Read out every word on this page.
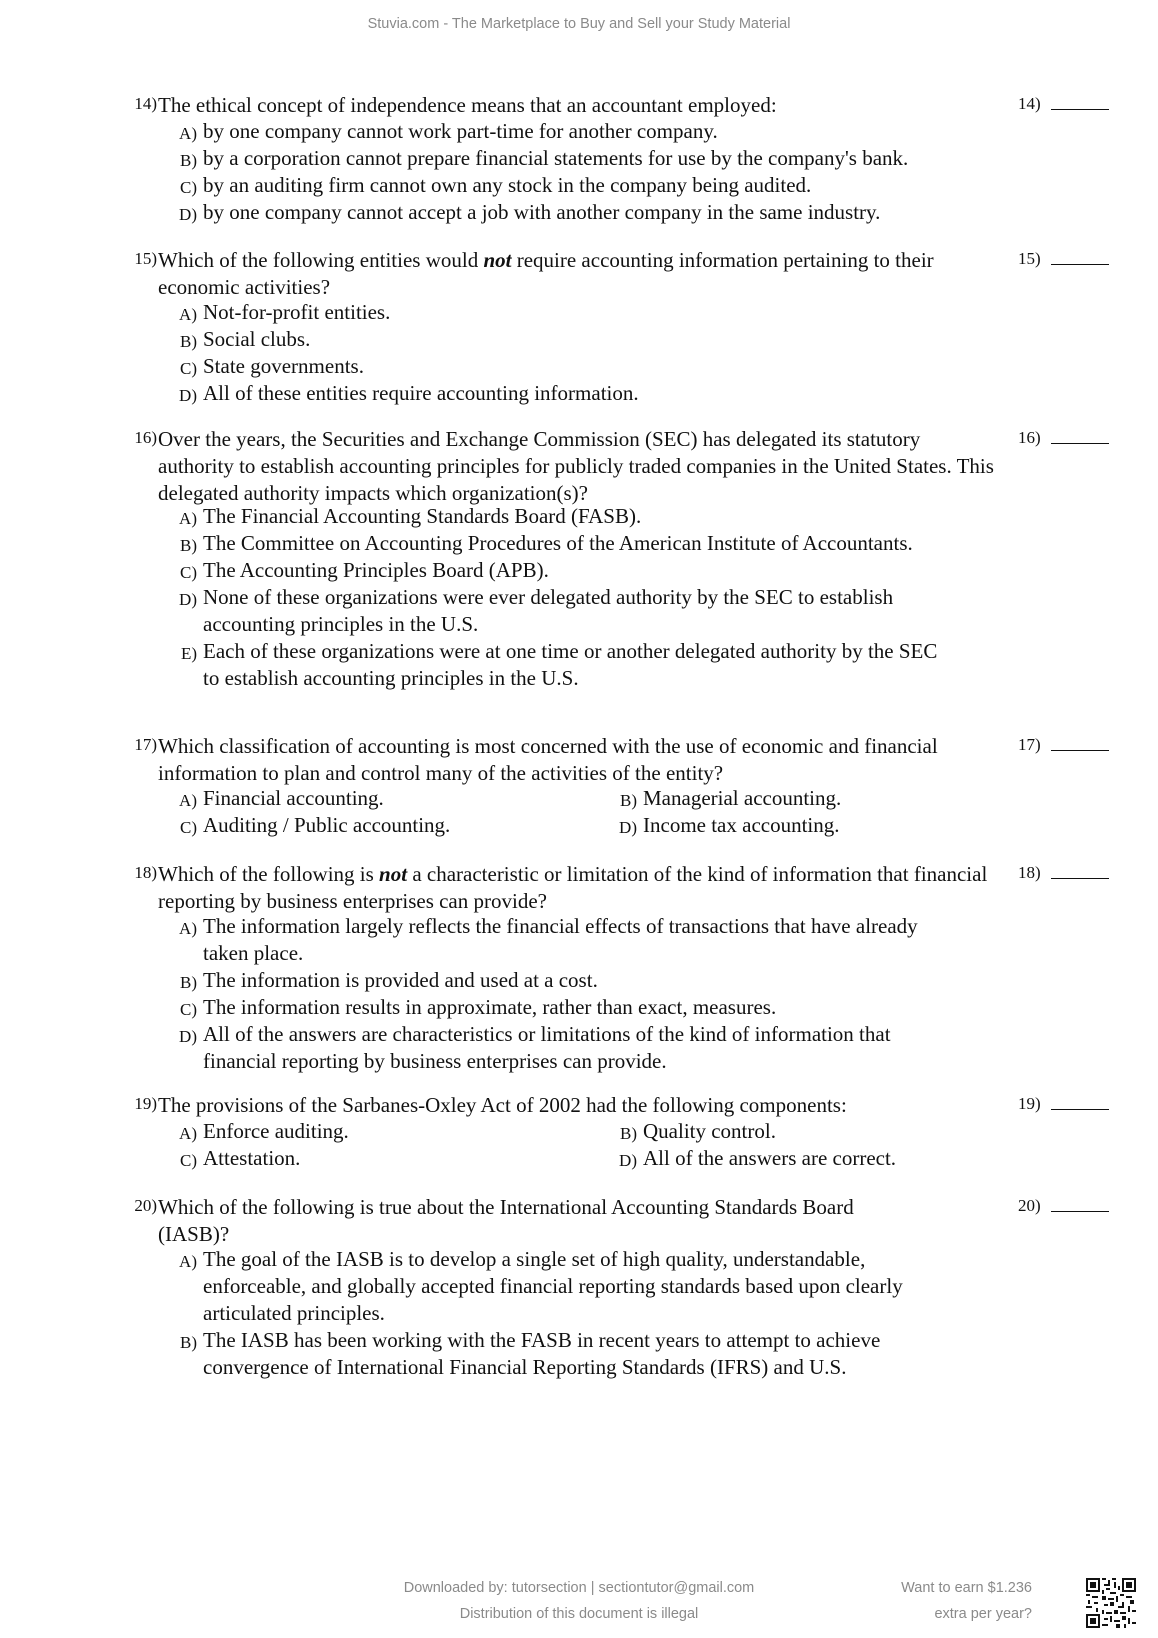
Stuvia.com - The Marketplace to Buy and Sell your Study Material
14) The ethical concept of independence means that an accountant employed:	14)
A) by one company cannot work part-time for another company.
B) by a corporation cannot prepare financial statements for use by the company's bank.
C) by an auditing firm cannot own any stock in the company being audited.
D) by one company cannot accept a job with another company in the same industry.
15) Which of the following entities would not require accounting information pertaining to their economic activities?
15)
A) Not-for-profit entities.
B) Social clubs.
C) State governments.
D) All of these entities require accounting information.
16) Over the years, the Securities and Exchange Commission (SEC) has delegated its statutory authority to establish accounting principles for publicly traded companies in the United States. This delegated authority impacts which organization(s)?
16)
A) The Financial Accounting Standards Board (FASB).
B) The Committee on Accounting Procedures of the American Institute of Accountants.
C) The Accounting Principles Board (APB).
D) None of these organizations were ever delegated authority by the SEC to establish accounting principles in the U.S.
E) Each of these organizations were at one time or another delegated authority by the SEC to establish accounting principles in the U.S.
17) Which classification of accounting is most concerned with the use of economic and financial information to plan and control many of the activities of the entity?
17)
A) Financial accounting.	B) Managerial accounting.
C) Auditing / Public accounting.	D) Income tax accounting.
18) Which of the following is not a characteristic or limitation of the kind of information that financial reporting by business enterprises can provide?
18)
A) The information largely reflects the financial effects of transactions that have already taken place.
B) The information is provided and used at a cost.
C) The information results in approximate, rather than exact, measures.
D) All of the answers are characteristics or limitations of the kind of information that financial reporting by business enterprises can provide.
19) The provisions of the Sarbanes-Oxley Act of 2002 had the following components:	19)
A) Enforce auditing.	B) Quality control.
C) Attestation.	D) All of the answers are correct.
20) Which of the following is true about the International Accounting Standards Board (IASB)?
20)
A) The goal of the IASB is to develop a single set of high quality, understandable, enforceable, and globally accepted financial reporting standards based upon clearly articulated principles.
B) The IASB has been working with the FASB in recent years to attempt to achieve convergence of International Financial Reporting Standards (IFRS) and U.S.
Downloaded by: tutorsection | sectiontutor@gmail.com
Distribution of this document is illegal
Want to earn $1.236
extra per year?
